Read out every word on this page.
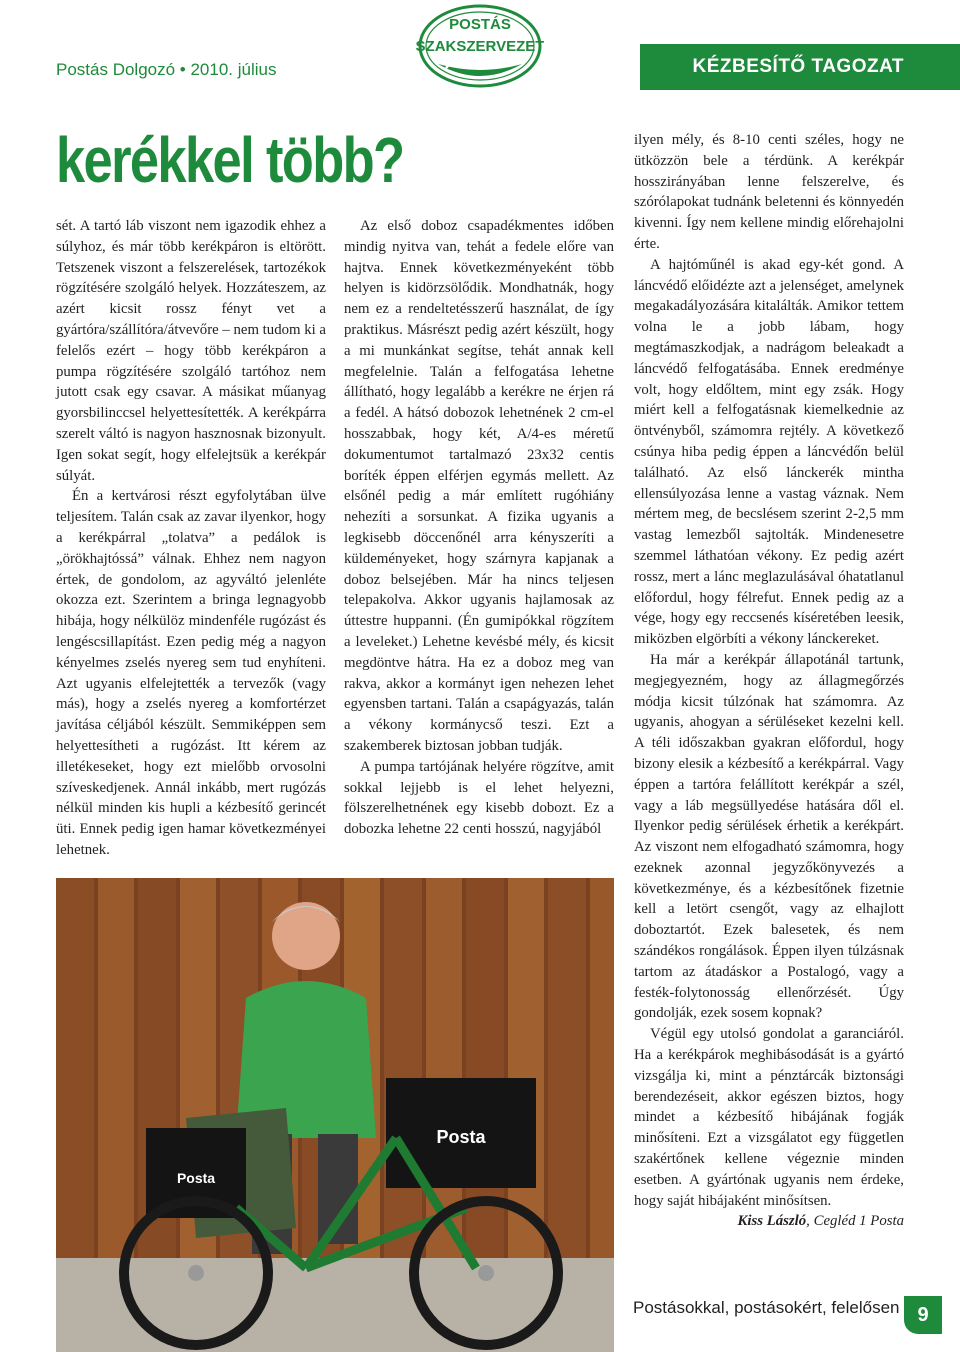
Postás Dolgozó • 2010. július	KÉZBESÍTŐ TAGOZAT
POSTÁS
SZAKSZERVEZET
kerékkel több?

sét. A tartó láb viszont nem igazodik ehhez a súlyhoz, és már több kerékpáron is eltörött. Tetszenek viszont a felszerelések, tartozékok rögzítésére szolgáló helyek. Hozzáteszem, az azért kicsit rossz fényt vet a gyártóra/szállítóra/átvevőre – nem tudom ki a felelős ezért – hogy több kerékpáron a pumpa rögzítésére szolgáló tartóhoz nem jutott csak egy csavar. A másikat műanyag gyorsbilinccsel helyettesítették. A kerékpárra szerelt váltó is nagyon hasznosnak bizonyult. Igen sokat segít, hogy elfelejtsük a kerékpár súlyát.

Én a kertvárosi részt egyfolytában ülve teljesítem. Talán csak az zavar ilyenkor, hogy a kerékpárral „tolatva” a pedálok is „örökhajtóssá” válnak. Ehhez nem nagyon értek, de gondolom, az agyváltó jelenléte okozza ezt. Szerintem a bringa legnagyobb hibája, hogy nélkülöz mindenféle rugózást és lengéscsillapítást. Ezen pedig még a nagyon kényelmes zselés nyereg sem tud enyhíteni. Azt ugyanis elfelejtették a tervezők (vagy más), hogy a zselés nyereg a komfortérzet javítása céljából készült. Semmiképpen sem helyettesítheti a rugózást. Itt kérem az illetékeseket, hogy ezt mielőbb orvosolni szíveskedjenek. Annál inkább, mert rugózás nélkül minden kis hupli a kézbesítő gerincét üti. Ennek pedig igen hamar következményei lehetnek.

Az első doboz csapadékmentes időben mindig nyitva van, tehát a fedele előre van hajtva. Ennek következményeként több helyen is kidörzsölődik. Mondhatnák, hogy nem ez a rendeltetésszerű használat, de így praktikus. Másrészt pedig azért készült, hogy a mi munkánkat segítse, tehát annak kell megfelelnie. Talán a felfogatása lehetne állítható, hogy legalább a kerékre ne érjen rá a fedél. A hátsó dobozok lehetnének 2 cm-el hosszabbak, hogy két, A/4-es méretű dokumentumot tartalmazó 23x32 centis boríték éppen elférjen egymás mellett. Az elsőnél pedig a már említett rugóhiány nehezíti a sorsunkat. A fizika ugyanis a legkisebb döccenőnél arra kényszeríti a küldeményeket, hogy szárnyra kapjanak a doboz belsejében. Már ha nincs teljesen telepakolva. Akkor ugyanis hajlamosak az úttestre huppanni. (Én gumipókkal rögzítem a leveleket.) Lehetne kevésbé mély, és kicsit megdöntve hátra. Ha ez a doboz meg van rakva, akkor a kormányt igen nehezen lehet egyensben tartani. Talán a csapágyazás, talán a vékony kormánycső teszi. Ezt a szakemberek biztosan jobban tudják.

A pumpa tartójának helyére rögzítve, amit sokkal lejjebb is el lehet helyezni, fölszerelhetnének egy kisebb dobozt. Ez a dobozka lehetne 22 centi hosszú, nagyjából

ilyen mély, és 8-10 centi széles, hogy ne ütközzön bele a térdünk. A kerékpár hosszirányában lenne felszerelve, és szórólapokat tudnánk beletenni és könnyedén kivenni. Így nem kellene mindig előrehajolni érte.

A hajtóműnél is akad egy-két gond. A láncvédő előidézte azt a jelenséget, amelynek megakadályozására kitalálták. Amikor tettem volna le a jobb lábam, hogy megtámaszkodjak, a nadrágom beleakadt a láncvédő felfogatásába. Ennek eredménye volt, hogy eldőltem, mint egy zsák. Hogy miért kell a felfogatásnak kiemelkednie az öntvényből, számomra rejtély. A következő csúnya hiba pedig éppen a láncvédőn belül található. Az első lánckerék mintha ellensúlyozása lenne a vastag váznak. Nem mértem meg, de becslésem szerint 2-2,5 mm vastag lemezből sajtolták. Mindenesetre szemmel láthatóan vékony. Ez pedig azért rossz, mert a lánc meglazulásával óhatatlanul előfordul, hogy félrefut. Ennek pedig az a vége, hogy egy reccsenés kíséretében leesik, miközben elgörbíti a vékony lánckereket.

Ha már a kerékpár állapotánál tartunk, megjegyezném, hogy az állagmegőrzés módja kicsit túlzónak hat számomra. Az ugyanis, ahogyan a sérüléseket kezelni kell. A téli időszakban gyakran előfordul, hogy bizony elesik a kézbesítő a kerékpárral. Vagy éppen a tartóra felállított kerékpár a szél, vagy a láb megsüllyedése hatására dől el. Ilyenkor pedig sérülések érhetik a kerékpárt. Az viszont nem elfogadható számomra, hogy ezeknek azonnal jegyzőkönyvezés a következménye, és a kézbesítőnek fizetnie kell a letört csengőt, vagy az elhajlott doboztartót. Ezek balesetek, és nem szándékos rongálások. Éppen ilyen túlzásnak tartom az átadáskor a Postalogó, vagy a festék-folytonosság ellenőrzését. Úgy gondolják, ezek sosem kopnak?

Végül egy utolsó gondolat a garanciáról. Ha a kerékpárok meghibásodását is a gyártó vizsgálja ki, mint a pénztárcák biztonsági berendezéseit, akkor egészen biztos, hogy mindet a kézbesítő hibájának fogják minősíteni. Ezt a vizsgálatot egy független szakértőnek kellene végeznie minden esetben. A gyártónak ugyanis nem érdeke, hogy saját hibájaként minősítsen.

Kiss László, Cegléd 1 Posta

Posta
Posta
Postásokkal, postásokért, felelősen 9
